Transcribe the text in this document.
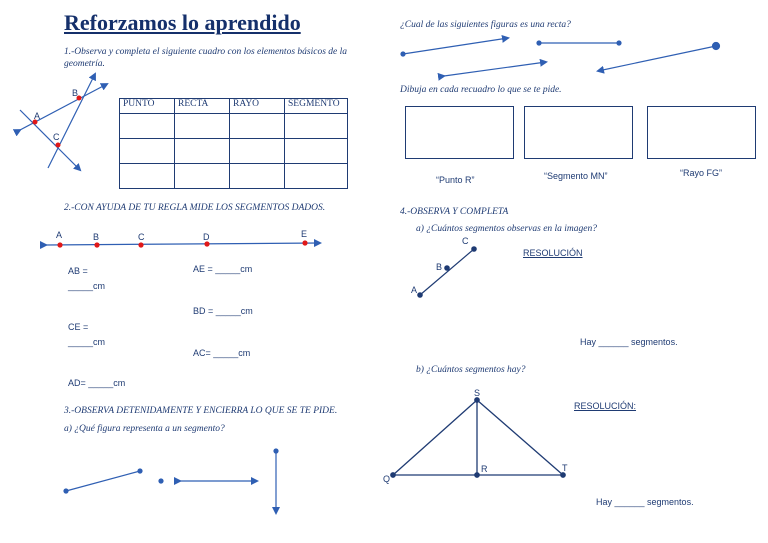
Reforzamos lo aprendido
1.-Observa y completa el siguiente cuadro con los elementos básicos de la geometría.
A
B
C
PUNTO	RECTA	RAYO	SEGMENTO

2.-CON AYUDA DE TU REGLA MIDE LOS SEGMENTOS DADOS.
A	B	C	D	E
AB =
_____cm
AE = _____cm
BD = _____cm
CE =
_____cm
AC= _____cm
AD= _____cm
3.-OBSERVA DETENIDAMENTE Y ENCIERRA LO QUE SE TE PIDE.
a) ¿Qué figura representa a un segmento?
¿Cual de las siguientes figuras es una recta?
Dibuja en cada recuadro lo que se te pide.
“Punto R”	“Segmento MN”	“Rayo FG”
4.-OBSERVA Y COMPLETA
a) ¿Cuántos segmentos observas en la imagen?
A
B
C
RESOLUCIÓN
Hay ______ segmentos.
b) ¿Cuántos segmentos hay?
S
R	T
Q
RESOLUCIÓN:
Hay ______ segmentos.
